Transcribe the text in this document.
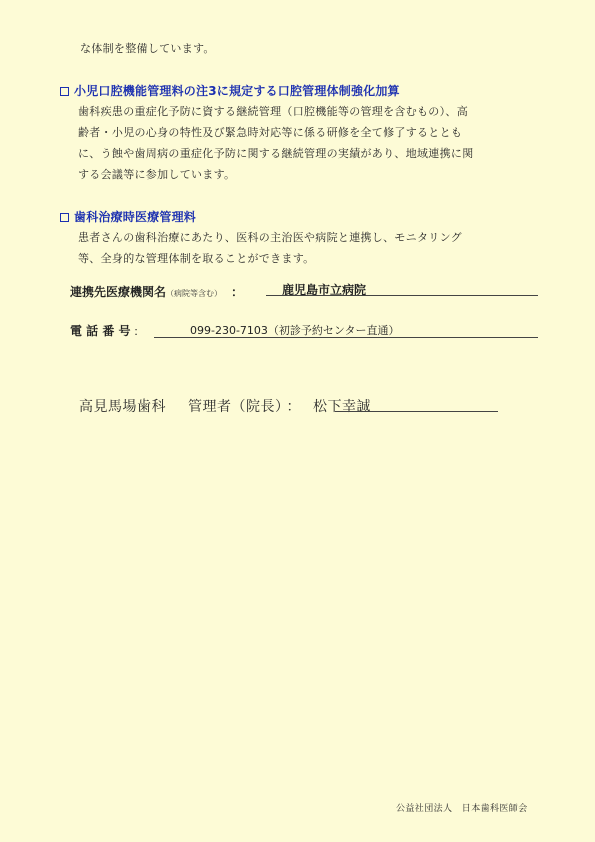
な体制を整備しています。
小児口腔機能管理料の注3に規定する口腔管理体制強化加算
歯科疾患の重症化予防に資する継続管理（口腔機能等の管理を含むもの）、高
齢者・小児の心身の特性及び緊急時対応等に係る研修を全て修了するととも
に、う蝕や歯周病の重症化予防に関する継続管理の実績があり、地域連携に関
する会議等に参加しています。
歯科治療時医療管理料
患者さんの歯科治療にあたり、医科の主治医や病院と連携し、モニタリング
等、全身的な管理体制を取ることができます。
連携先医療機関名（病院等含む） ：	鹿児島市立病院
電 話 番 号 ：	099-230-7103（初診予約センター直通）
高見馬場歯科 管理者（院長） ： 松下幸誠
公益社団法人　日本歯科医師会
